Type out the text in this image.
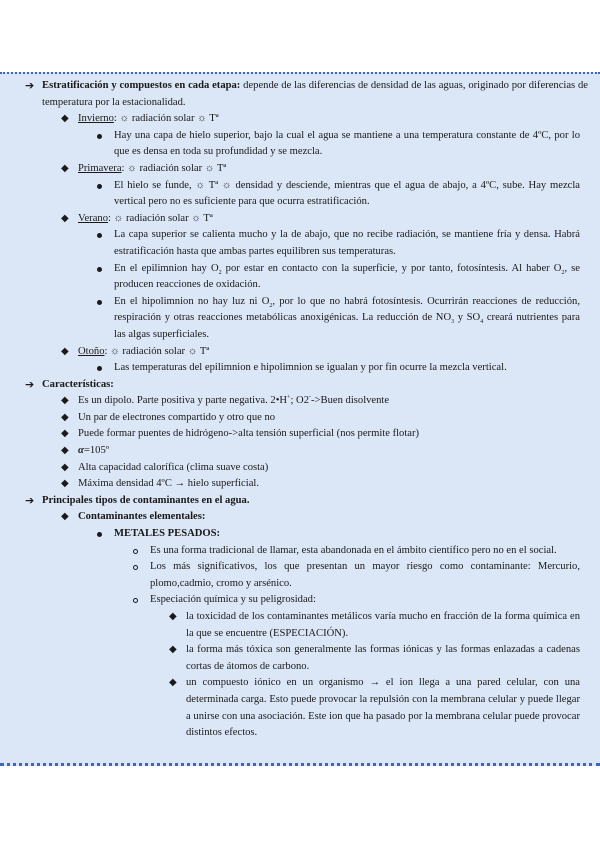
➔ Estratificación y compuestos en cada etapa: depende de las diferencias de densidad de las aguas, originado por diferencias de temperatura por la estacionalidad.
◆ Invierno: ☼ radiación solar ☼ Tª
Hay una capa de hielo superior, bajo la cual el agua se mantiene a una temperatura constante de 4ºC, por lo que es densa en toda su profundidad y se mezcla.
◆ Primavera: ☼ radiación solar ☼ Tª
El hielo se funde, ☼ Tª ☼ densidad y desciende, mientras que el agua de abajo, a 4ºC, sube. Hay mezcla vertical pero no es suficiente para que ocurra estratificación.
◆ Verano: ☼ radiación solar ☼ Tª
La capa superior se calienta mucho y la de abajo, que no recibe radiación, se mantiene fría y densa. Habrá estratificación hasta que ambas partes equilibren sus temperaturas.
En el epilimnion hay $O_2$ por estar en contacto con la superficie, y por tanto, fotosíntesis. Al haber $O_2$, se producen reacciones de oxidación.
En el hipolimnion no hay luz ni $O_2$, por lo que no habrá fotosíntesis. Ocurrirán reacciones de reducción, respiración y otras reacciones metabólicas anoxigénicas. La reducción de $NO_3$ y $SO_4$ creará nutrientes para las algas superficiales.
◆ Otoño: ☼ radiación solar ☼ Tª
Las temperaturas del epilimnion e hipolimnion se igualan y por fin ocurre la mezcla vertical.
➔ Características:
◆ Es un dipolo. Parte positiva y parte negativa. 2•H+; O2-->Buen disolvente
◆ Un par de electrones compartido y otro que no
◆ Puede formar puentes de hidrógeno->alta tensión superficial (nos permite flotar)
◆ α=105º
◆ Alta capacidad calorífica (clima suave costa)
◆ Máxima densidad 4ºC → hielo superficial.
➔ Principales tipos de contaminantes en el agua.
◆ Contaminantes elementales:
METALES PESADOS:
Es una forma tradicional de llamar, esta abandonada en el ámbito científico pero no en el social.
Los más significativos, los que presentan un mayor riesgo como contaminante: Mercurio, plomo,cadmio, cromo y arsénico.
Especiación química y su peligrosidad:
◆ la toxicidad de los contaminantes metálicos varía mucho en fracción de la forma química en la que se encuentre (ESPECIACIÓN).
◆ la forma más tóxica son generalmente las formas iónicas y las formas enlazadas a cadenas cortas de átomos de carbono.
◆ un compuesto iónico en un organismo → el ion llega a una pared celular, con una determinada carga. Esto puede provocar la repulsión con la membrana celular y puede llegar a unirse con una asociación. Este ion que ha pasado por la membrana celular puede provocar distintos efectos.
